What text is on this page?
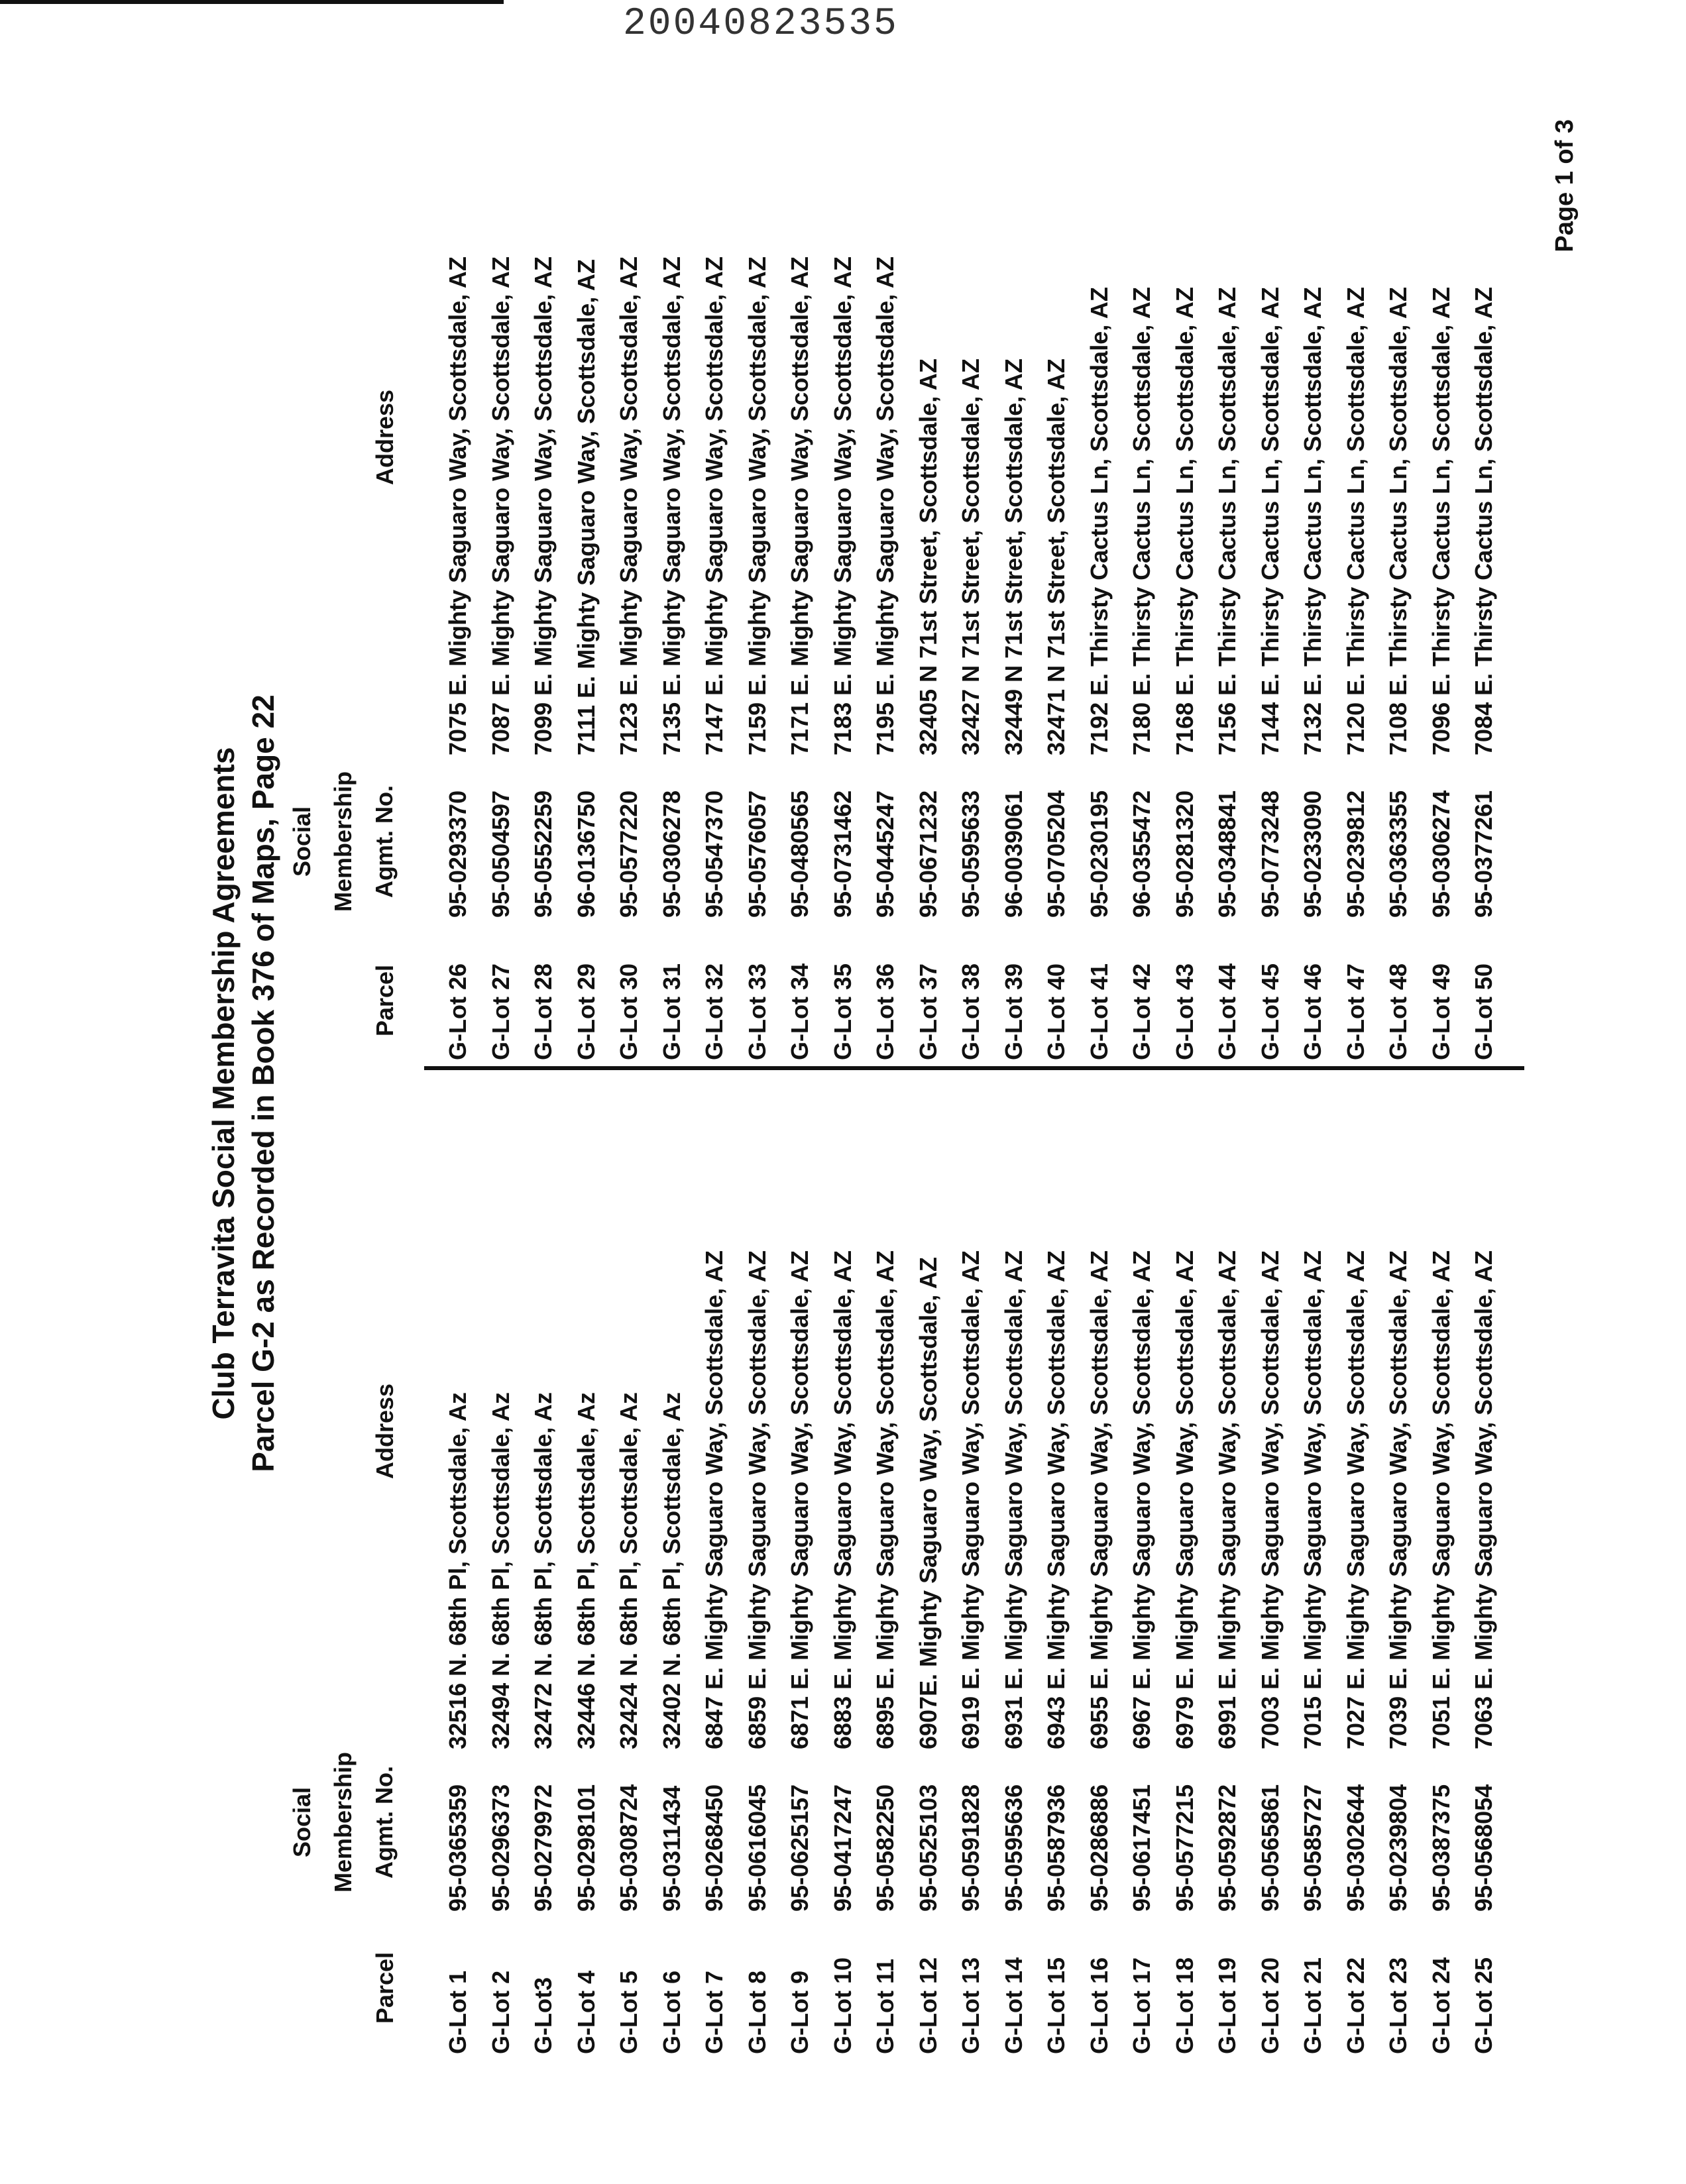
20040823535
Club Terravita Social Membership Agreements Parcel G-2 as Recorded in Book 376 of Maps, Page 22
Parcel
Social Membership Agmt. No.
Address
Parcel
Social Membership Agmt. No.
Address
G-Lot 1
95-0365359
32516 N. 68th Pl, Scottsdale, Az
G-Lot 2
95-0296373
32494 N. 68th Pl, Scottsdale, Az
G-Lot3
95-0279972
32472 N. 68th Pl, Scottsdale, Az
G-Lot 4
95-0298101
32446 N. 68th Pl, Scottsdale, Az
G-Lot 5
95-0308724
32424 N. 68th Pl, Scottsdale, Az
G-Lot 6
95-0311434
32402 N. 68th Pl, Scottsdale, Az
G-Lot 7
95-0268450
6847 E. Mighty Saguaro Way, Scottsdale, AZ
G-Lot 8
95-0616045
6859 E. Mighty Saguaro Way, Scottsdale, AZ
G-Lot 9
95-0625157
6871 E. Mighty Saguaro Way, Scottsdale, AZ
G-Lot 10
95-0417247
6883 E. Mighty Saguaro Way, Scottsdale, AZ
G-Lot 11
95-0582250
6895 E. Mighty Saguaro Way, Scottsdale, AZ
G-Lot 12
95-0525103
6907E. Mighty Saguaro Way, Scottsdale, AZ
G-Lot 13
95-0591828
6919 E. Mighty Saguaro Way, Scottsdale, AZ
G-Lot 14
95-0595636
6931 E. Mighty Saguaro Way, Scottsdale, AZ
G-Lot 15
95-0587936
6943 E. Mighty Saguaro Way, Scottsdale, AZ
G-Lot 16
95-0286886
6955 E. Mighty Saguaro Way, Scottsdale, AZ
G-Lot 17
95-0617451
6967 E. Mighty Saguaro Way, Scottsdale, AZ
G-Lot 18
95-0577215
6979 E. Mighty Saguaro Way, Scottsdale, AZ
G-Lot 19
95-0592872
6991 E. Mighty Saguaro Way, Scottsdale, AZ
G-Lot 20
95-0565861
7003 E. Mighty Saguaro Way, Scottsdale, AZ
G-Lot 21
95-0585727
7015 E. Mighty Saguaro Way, Scottsdale, AZ
G-Lot 22
95-0302644
7027 E. Mighty Saguaro Way, Scottsdale, AZ
G-Lot 23
95-0239804
7039 E. Mighty Saguaro Way, Scottsdale, AZ
G-Lot 24
95-0387375
7051 E. Mighty Saguaro Way, Scottsdale, AZ
G-Lot 25
95-0568054
7063 E. Mighty Saguaro Way, Scottsdale, AZ
G-Lot 26
95-0293370
7075 E. Mighty Saguaro Way, Scottsdale, AZ
G-Lot 27
95-0504597
7087 E. Mighty Saguaro Way, Scottsdale, AZ
G-Lot 28
95-0552259
7099 E. Mighty Saguaro Way, Scottsdale, AZ
G-Lot 29
96-0136750
7111 E. Mighty Saguaro Way, Scottsdale, AZ
G-Lot 30
95-0577220
7123 E. Mighty Saguaro Way, Scottsdale, AZ
G-Lot 31
95-0306278
7135 E. Mighty Saguaro Way, Scottsdale, AZ
G-Lot 32
95-0547370
7147 E. Mighty Saguaro Way, Scottsdale, AZ
G-Lot 33
95-0576057
7159 E. Mighty Saguaro Way, Scottsdale, AZ
G-Lot 34
95-0480565
7171 E. Mighty Saguaro Way, Scottsdale, AZ
G-Lot 35
95-0731462
7183 E. Mighty Saguaro Way, Scottsdale, AZ
G-Lot 36
95-0445247
7195 E. Mighty Saguaro Way, Scottsdale, AZ
G-Lot 37
95-0671232
32405 N 71st Street, Scottsdale, AZ
G-Lot 38
95-0595633
32427 N 71st Street, Scottsdale, AZ
G-Lot 39
96-0039061
32449 N 71st Street, Scottsdale, AZ
G-Lot 40
95-0705204
32471 N 71st Street, Scottsdale, AZ
G-Lot 41
95-0230195
7192 E. Thirsty Cactus Ln, Scottsdale, AZ
G-Lot 42
96-0355472
7180 E. Thirsty Cactus Ln, Scottsdale, AZ
G-Lot 43
95-0281320
7168 E. Thirsty Cactus Ln, Scottsdale, AZ
G-Lot 44
95-0348841
7156 E. Thirsty Cactus Ln, Scottsdale, AZ
G-Lot 45
95-0773248
7144 E. Thirsty Cactus Ln, Scottsdale, AZ
G-Lot 46
95-0233090
7132 E. Thirsty Cactus Ln, Scottsdale, AZ
G-Lot 47
95-0239812
7120 E. Thirsty Cactus Ln, Scottsdale, AZ
G-Lot 48
95-0363355
7108 E. Thirsty Cactus Ln, Scottsdale, AZ
G-Lot 49
95-0306274
7096 E. Thirsty Cactus Ln, Scottsdale, AZ
G-Lot 50
95-0377261
7084 E. Thirsty Cactus Ln, Scottsdale, AZ
Page 1 of 3
